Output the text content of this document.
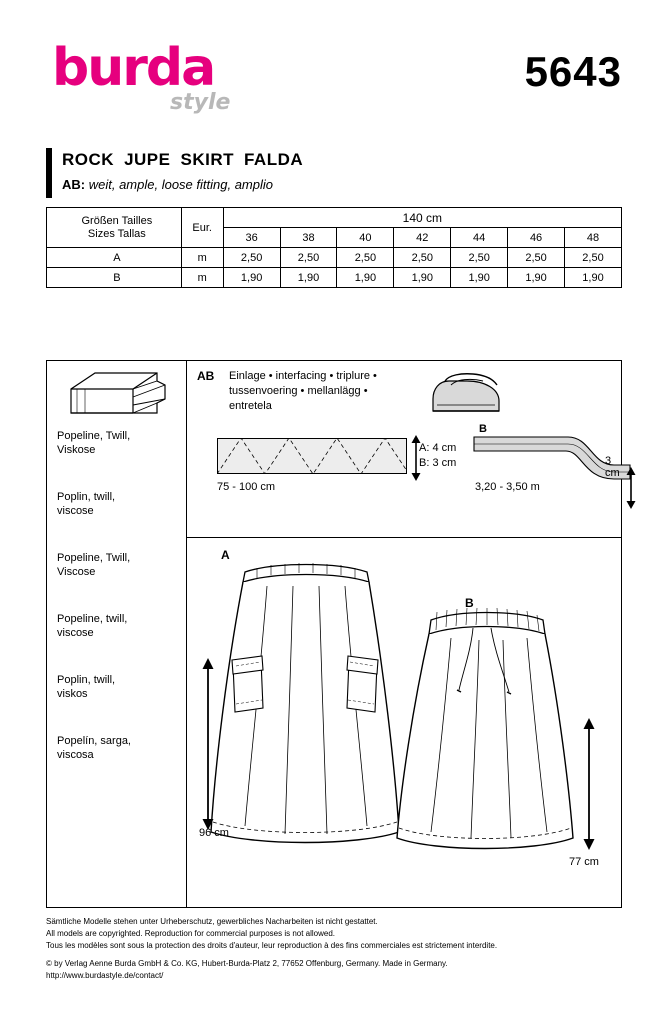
burda
style
5643
ROCK JUPE SKIRT FALDA
AB: weit, ample, loose fitting, amplio
Größen Tailles
Sizes Tallas	Eur.	140 cm						
		36	38	40	42	44	46	48
A	m	2,50	2,50	2,50	2,50	2,50	2,50	2,50
B	m	1,90	1,90	1,90	1,90	1,90	1,90	1,90
Popeline, Twill,
Viskose
Poplin, twill,
viscose
Popeline, Twill,
Viscose
Popeline, twill,
viscose
Poplin, twill,
viskos
Popelín, sarga,
viscosa
AB Einlage • interfacing • triplure •
tussenvoering • mellanlägg •
entretela
75 - 100 cm
A: 4 cm
B: 3 cm
B
3,20 - 3,50 m
3 cm
A
B
96 cm
77 cm
Sämtliche Modelle stehen unter Urheberschutz, gewerbliches Nacharbeiten ist nicht gestattet.
All models are copyrighted. Reproduction for commercial purposes is not allowed.
Tous les modèles sont sous la protection des droits d'auteur, leur reproduction à des fins commerciales est strictement interdite.
© by Verlag Aenne Burda GmbH & Co. KG, Hubert-Burda-Platz 2, 77652 Offenburg, Germany. Made in Germany.
http://www.burdastyle.de/contact/
